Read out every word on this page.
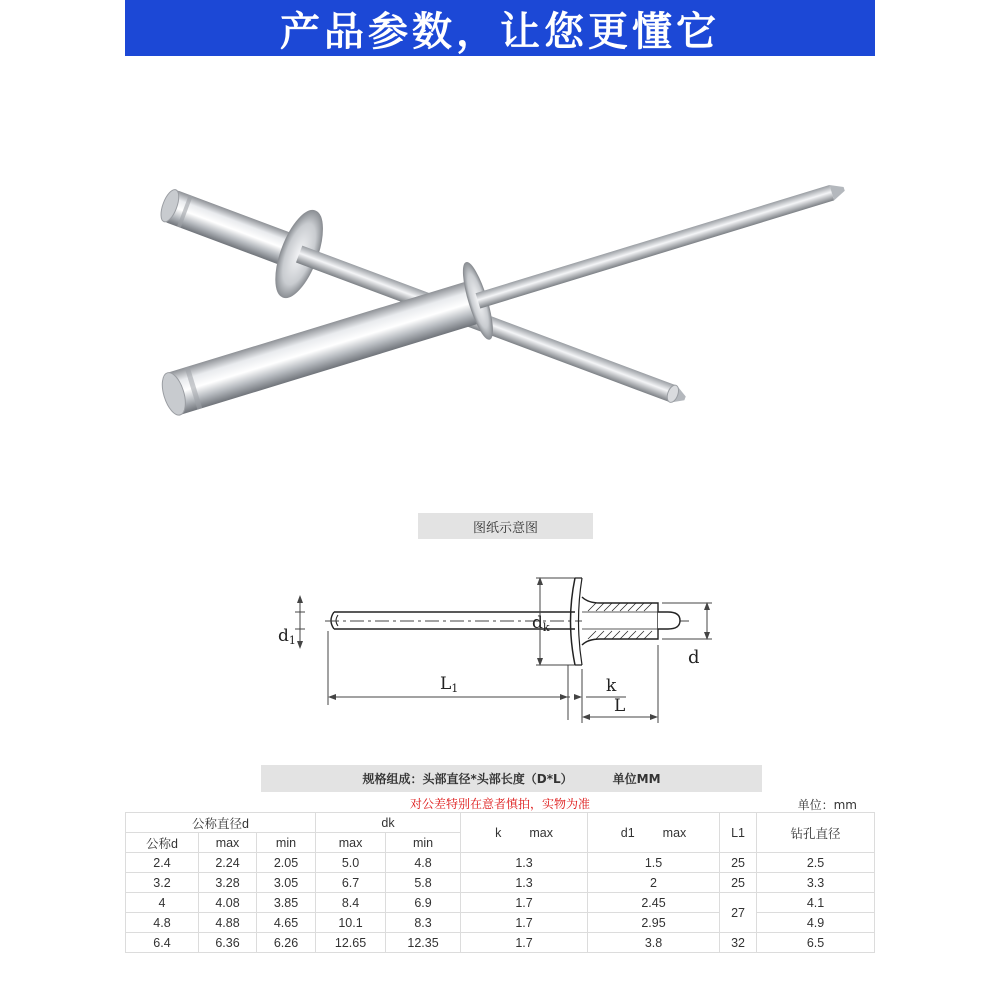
产品参数，让您更懂它
图纸示意图
d1
dk
d
L1	k
L
规格组成：头部直径*头部长度（D*L）	单位MM
对公差特别在意者慎拍，实物为准	单位：mm
公称直径d			dk		k max	d1 max	L1	钻孔直径
公称d	max	min	max	min				
2.4	2.24	2.05	5.0	4.8	1.3	1.5	25	2.5
3.2	3.28	3.05	6.7	5.8	1.3	2	25	3.3
4	4.08	3.85	8.4	6.9	1.7	2.45	27	4.1
4.8	4.88	4.65	10.1	8.3	1.7	2.95		4.9
6.4	6.36	6.26	12.65	12.35	1.7	3.8	32	6.5
